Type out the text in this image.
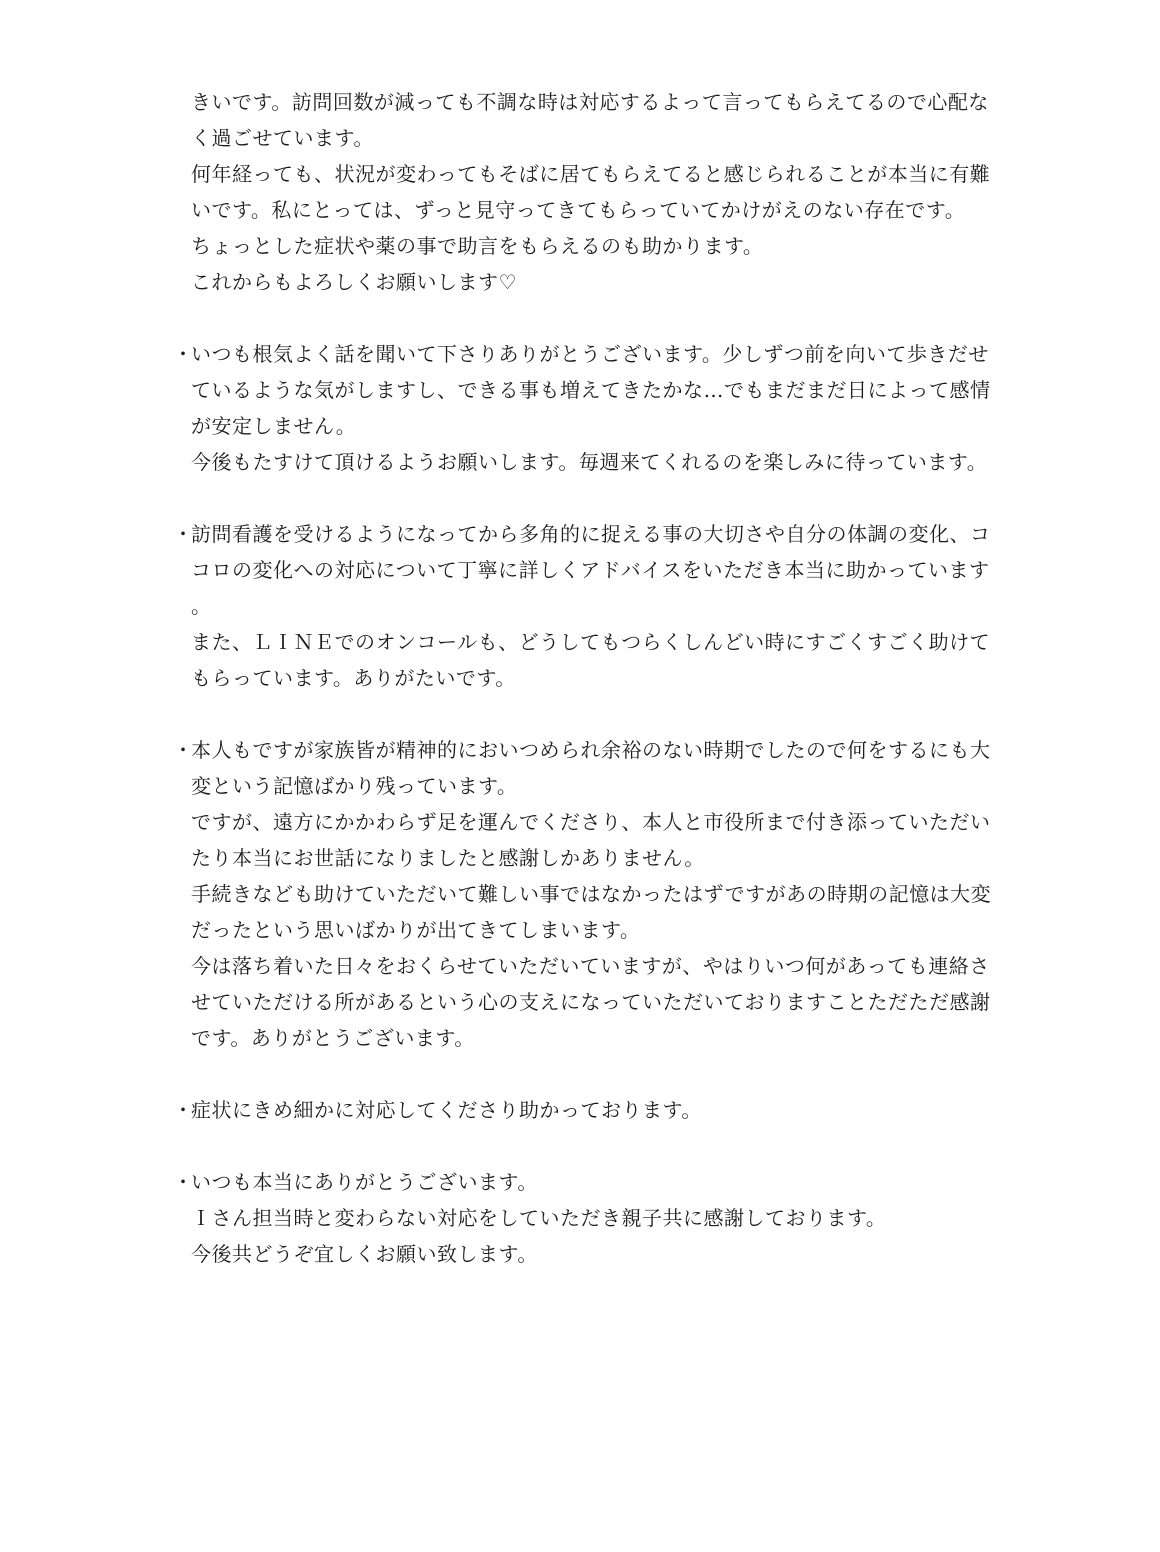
きいです。訪問回数が減っても不調な時は対応するよって言ってもらえてるので心配なく過ごせています。

何年経っても、状況が変わってもそばに居てもらえてると感じられることが本当に有難いです。私にとっては、ずっと見守ってきてもらっていてかけがえのない存在です。

ちょっとした症状や薬の事で助言をもらえるのも助かります。

これからもよろしくお願いします♡

・

いつも根気よく話を聞いて下さりありがとうございます。少しずつ前を向いて歩きだせているような気がしますし、できる事も増えてきたかな…でもまだまだ日によって感情が安定しません。

今後もたすけて頂けるようお願いします。毎週来てくれるのを楽しみに待っています。

・

訪問看護を受けるようになってから多角的に捉える事の大切さや自分の体調の変化、ココロの変化への対応について丁寧に詳しくアドバイスをいただき本当に助かっています。

また、ＬＩＮＥでのオンコールも、どうしてもつらくしんどい時にすごくすごく助けてもらっています。ありがたいです。

・

本人もですが家族皆が精神的においつめられ余裕のない時期でしたので何をするにも大変という記憶ばかり残っています。

ですが、遠方にかかわらず足を運んでくださり、本人と市役所まで付き添っていただいたり本当にお世話になりましたと感謝しかありません。

手続きなども助けていただいて難しい事ではなかったはずですがあの時期の記憶は大変だったという思いばかりが出てきてしまいます。

今は落ち着いた日々をおくらせていただいていますが、やはりいつ何があっても連絡させていただける所があるという心の支えになっていただいておりますことただただ感謝です。ありがとうございます。

・

症状にきめ細かに対応してくださり助かっております。

・

いつも本当にありがとうございます。

Ｉさん担当時と変わらない対応をしていただき親子共に感謝しております。

今後共どうぞ宜しくお願い致します。
